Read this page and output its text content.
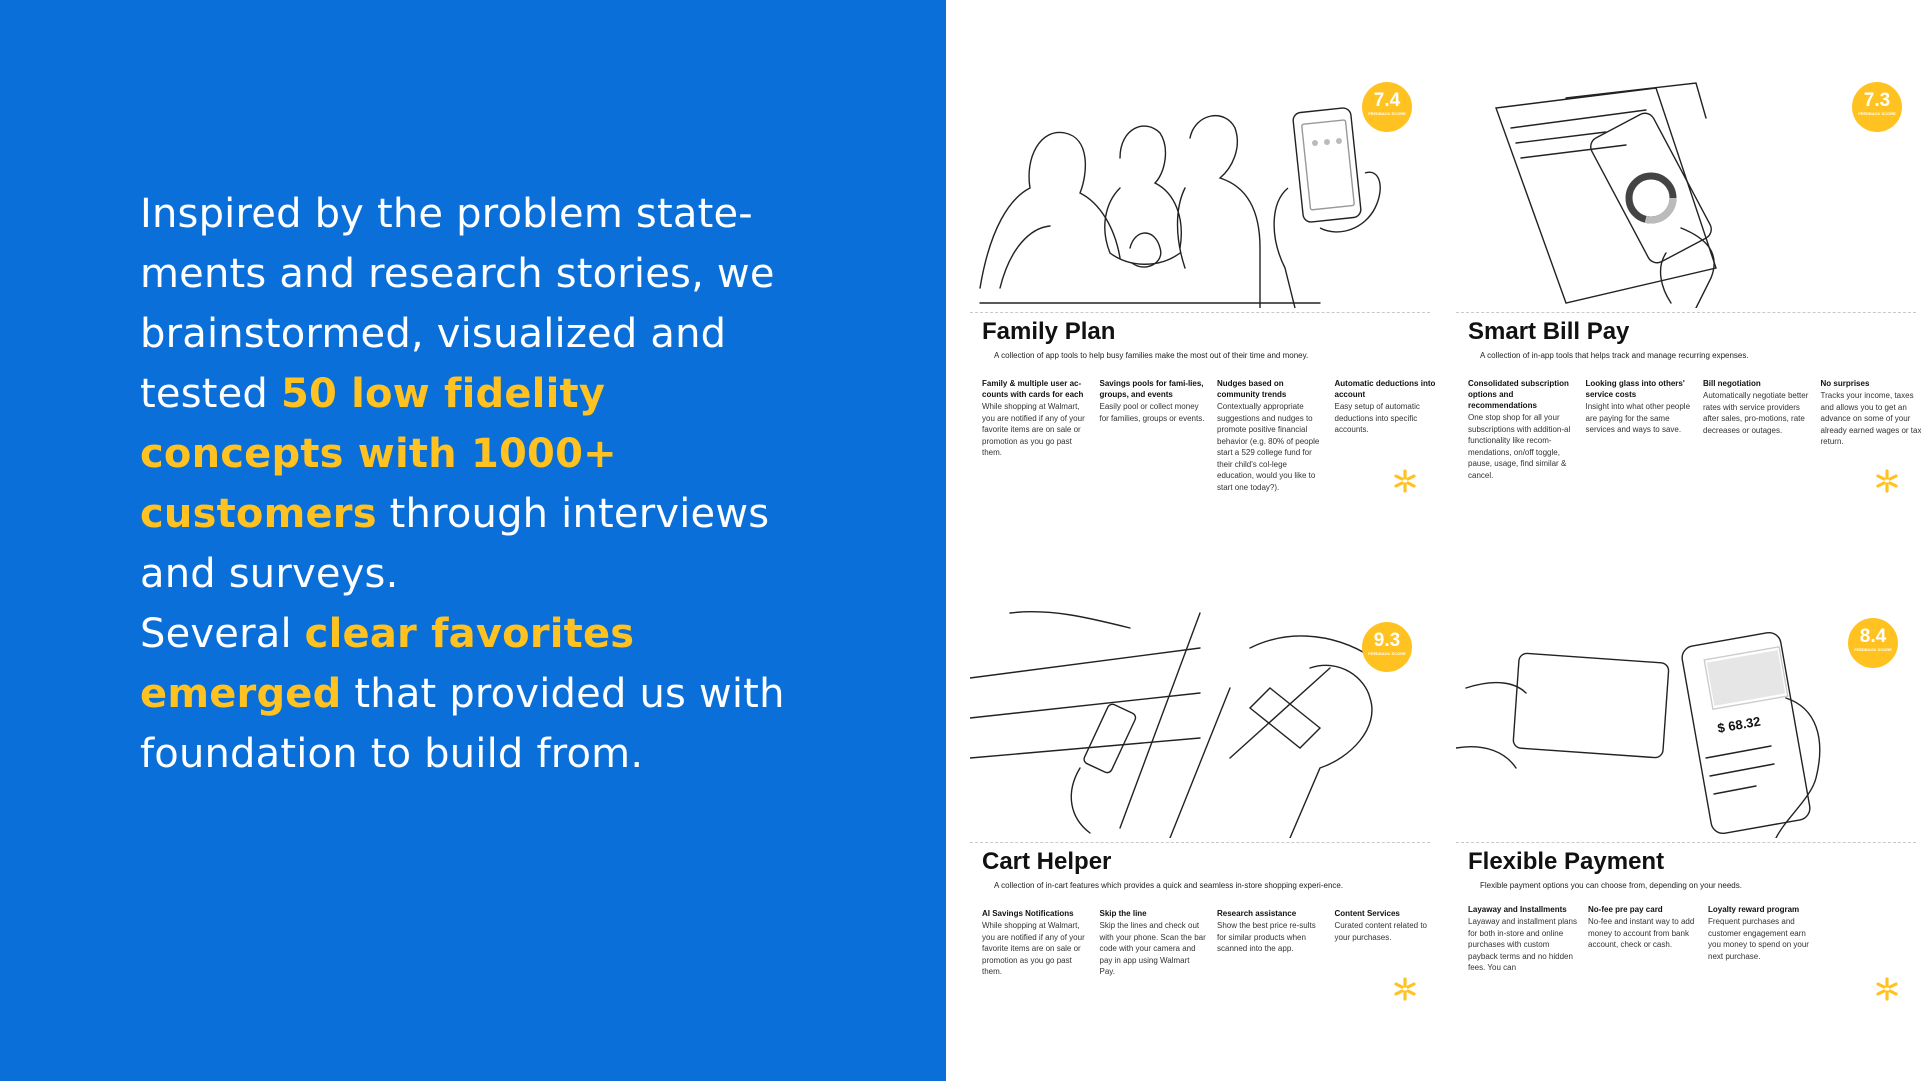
Inspired by the problem state-ments and research stories, we brainstormed, visualized and tested 50 low fidelity concepts with 1000+ customers through interviews and surveys.

Several clear favorites emerged that provided us with foundation to build from.

7.4
FEEDBACK SCORE
Family Plan
A collection of app tools to help busy families make the most out of their time and money.
Family & multiple user ac-counts with cards for each
While shopping at Walmart, you are notified if any of your favorite items are on sale or promotion as you go past them.
Savings pools for fami-lies, groups, and events
Easily pool or collect money for families, groups or events.
Nudges based on community trends
Contextually appropriate suggestions and nudges to promote positive financial behavior (e.g. 80% of people start a 529 college fund for their child's col-lege education, would you like to start one today?).
Automatic deductions into account
Easy setup of automatic deductions into specific accounts.
7.3
FEEDBACK SCORE
Smart Bill Pay
A collection of in-app tools that helps track and manage recurring expenses.
Consolidated subscription options and recommendations
One stop shop for all your subscriptions with addition-al functionality like recom-mendations, on/off toggle, pause, usage, find similar & cancel.
Looking glass into others' service costs
Insight into what other people are paying for the same services and ways to save.
Bill negotiation
Automatically negotiate better rates with service providers after sales, pro-motions, rate decreases or outages.
No surprises
Tracks your income, taxes and allows you to get an advance on some of your already earned wages or tax return.
9.3
FEEDBACK SCORE
Cart Helper
A collection of in-cart features which provides a quick and seamless in-store shopping experi-ence.
AI Savings Notifications
While shopping at Walmart, you are notified if any of your favorite items are on sale or promotion as you go past them.
Skip the line
Skip the lines and check out with your phone. Scan the bar code with your camera and pay in app using Walmart Pay.
Research assistance
Show the best price re-sults for similar products when scanned into the app.
Content Services
Curated content related to your purchases.
$ 68.32
8.4
FEEDBACK SCORE
Flexible Payment
Flexible payment options you can choose from, depending on your needs.
Layaway and Installments
Layaway and installment plans for both in-store and online purchases with custom payback terms and no hidden fees. You can
No-fee pre pay card
No-fee and instant way to add money to account from bank account, check or cash.
Loyalty reward program
Frequent purchases and customer engagement earn you money to spend on your next purchase.
